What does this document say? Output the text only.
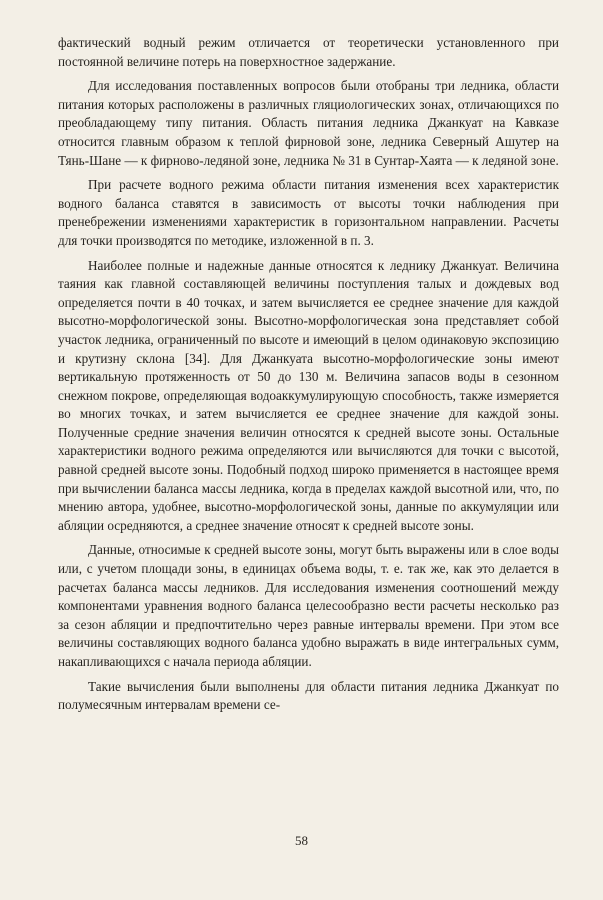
фактический водный режим отличается от теоретически установленного при постоянной величине потерь на поверхностное задержание.

Для исследования поставленных вопросов были отобраны три ледника, области питания которых расположены в различных гляциологических зонах, отличающихся по преобладающему типу питания. Область питания ледника Джанкуат на Кавказе относится главным образом к теплой фирновой зоне, ледника Северный Ашутер на Тянь-Шане — к фирново-ледяной зоне, ледника № 31 в Сунтар-Хаята — к ледяной зоне.

При расчете водного режима области питания изменения всех характеристик водного баланса ставятся в зависимость от высоты точки наблюдения при пренебрежении изменениями характеристик в горизонтальном направлении. Расчеты для точки производятся по методике, изложенной в п. 3.

Наиболее полные и надежные данные относятся к леднику Джанкуат. Величина таяния как главной составляющей величины поступления талых и дождевых вод определяется почти в 40 точках, и затем вычисляется ее среднее значение для каждой высотно-морфологической зоны. Высотно-морфологическая зона представляет собой участок ледника, ограниченный по высоте и имеющий в целом одинаковую экспозицию и крутизну склона [34]. Для Джанкуата высотно-морфологические зоны имеют вертикальную протяженность от 50 до 130 м. Величина запасов воды в сезонном снежном покрове, определяющая водоаккумулирующую способность, также измеряется во многих точках, и затем вычисляется ее среднее значение для каждой зоны. Полученные средние значения величин относятся к средней высоте зоны. Остальные характеристики водного режима определяются или вычисляются для точки с высотой, равной средней высоте зоны. Подобный подход широко применяется в настоящее время при вычислении баланса массы ледника, когда в пределах каждой высотной или, что, по мнению автора, удобнее, высотно-морфологической зоны, данные по аккумуляции или абляции осредняются, а среднее значение относят к средней высоте зоны.

Данные, относимые к средней высоте зоны, могут быть выражены или в слое воды или, с учетом площади зоны, в единицах объема воды, т. е. так же, как это делается в расчетах баланса массы ледников. Для исследования изменения соотношений между компонентами уравнения водного баланса целесообразно вести расчеты несколько раз за сезон абляции и предпочтительно через равные интервалы времени. При этом все величины составляющих водного баланса удобно выражать в виде интегральных сумм, накапливающихся с начала периода абляции.

Такие вычисления были выполнены для области питания ледника Джанкуат по полумесячным интервалам времени се-

58
